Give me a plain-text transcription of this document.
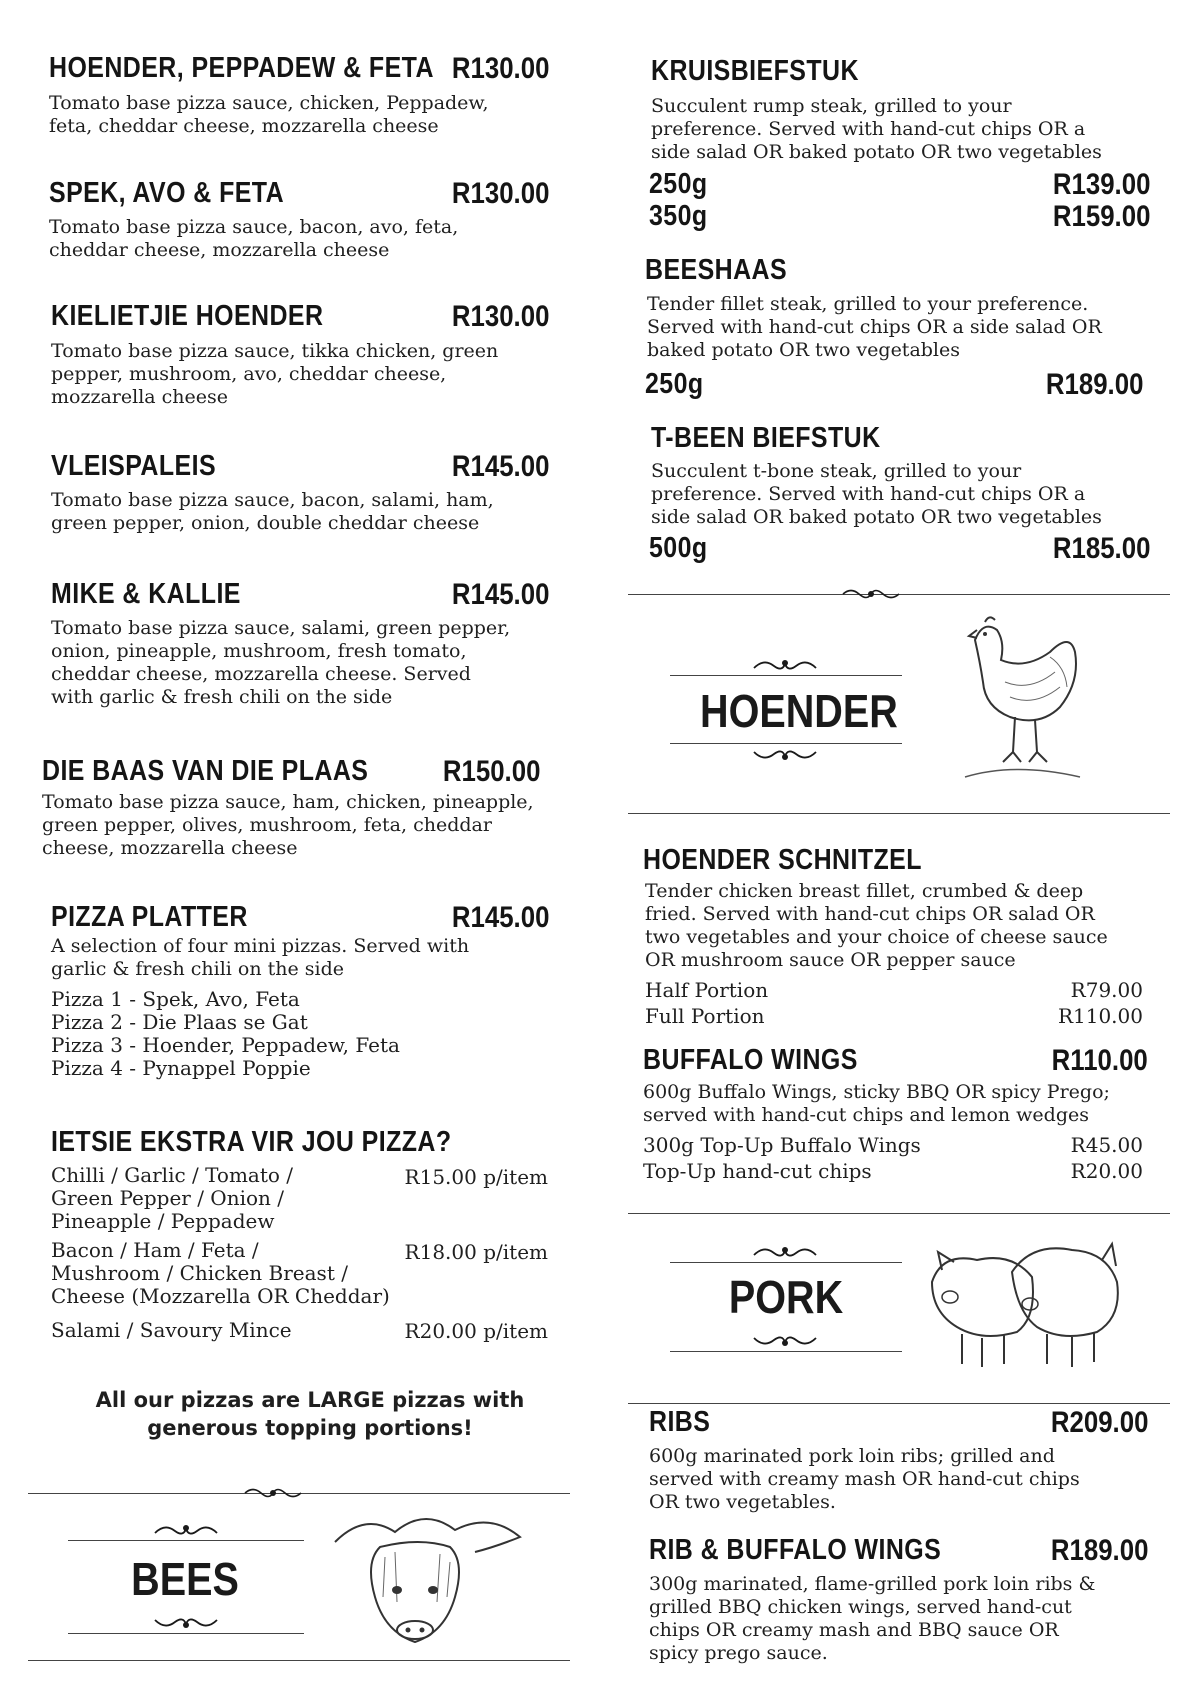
HOENDER, PEPPADEW & FETA R130.00
Tomato base pizza sauce, chicken, Peppadew,
feta, cheddar cheese, mozzarella cheese
SPEK, AVO & FETA	R130.00
Tomato base pizza sauce, bacon, avo, feta,
cheddar cheese, mozzarella cheese
KIELIETJIE HOENDER	R130.00
Tomato base pizza sauce, tikka chicken, green
pepper, mushroom, avo, cheddar cheese,
mozzarella cheese
VLEISPALEIS	R145.00
Tomato base pizza sauce, bacon, salami, ham,
green pepper, onion, double cheddar cheese
MIKE & KALLIE	R145.00
Tomato base pizza sauce, salami, green pepper,
onion, pineapple, mushroom, fresh tomato,
cheddar cheese, mozzarella cheese. Served
with garlic & fresh chili on the side
DIE BAAS VAN DIE PLAAS R150.00
Tomato base pizza sauce, ham, chicken, pineapple,
green pepper, olives, mushroom, feta, cheddar
cheese, mozzarella cheese
PIZZA PLATTER	R145.00
A selection of four mini pizzas. Served with
garlic & fresh chili on the side
Pizza 1 - Spek, Avo, Feta
Pizza 2 - Die Plaas se Gat
Pizza 3 - Hoender, Peppadew, Feta
Pizza 4 - Pynappel Poppie
IETSIE EKSTRA VIR JOU PIZZA?
Chilli / Garlic / Tomato /
Green Pepper / Onion /
Pineapple / Peppadew
R15.00 p/item
Bacon / Ham / Feta /
Mushroom / Chicken Breast /
Cheese (Mozzarella OR Cheddar)
R18.00 p/item
Salami / Savoury Mince	R20.00 p/item
All our pizzas are LARGE pizzas with
generous topping portions!
BEES
KRUISBIEFSTUK
Succulent rump steak, grilled to your
preference. Served with hand-cut chips OR a
side salad OR baked potato OR two vegetables
250g	R139.00
350g	R159.00
BEESHAAS
Tender fillet steak, grilled to your preference.
Served with hand-cut chips OR a side salad OR
baked potato OR two vegetables
250g	R189.00
T-BEEN BIEFSTUK
Succulent t-bone steak, grilled to your
preference. Served with hand-cut chips OR a
side salad OR baked potato OR two vegetables
500g	R185.00
HOENDER
HOENDER SCHNITZEL
Tender chicken breast fillet, crumbed & deep
fried. Served with hand-cut chips OR salad OR
two vegetables and your choice of cheese sauce
OR mushroom sauce OR pepper sauce
Half Portion	R79.00
Full Portion	R110.00
BUFFALO WINGS	R110.00
600g Buffalo Wings, sticky BBQ OR spicy Prego;
served with hand-cut chips and lemon wedges
300g Top-Up Buffalo Wings	R45.00
Top-Up hand-cut chips	R20.00
PORK
RIBS	R209.00
600g marinated pork loin ribs; grilled and
served with creamy mash OR hand-cut chips
OR two vegetables.
RIB & BUFFALO WINGS	R189.00
300g marinated, flame-grilled pork loin ribs &
grilled BBQ chicken wings, served hand-cut
chips OR creamy mash and BBQ sauce OR
spicy prego sauce.
